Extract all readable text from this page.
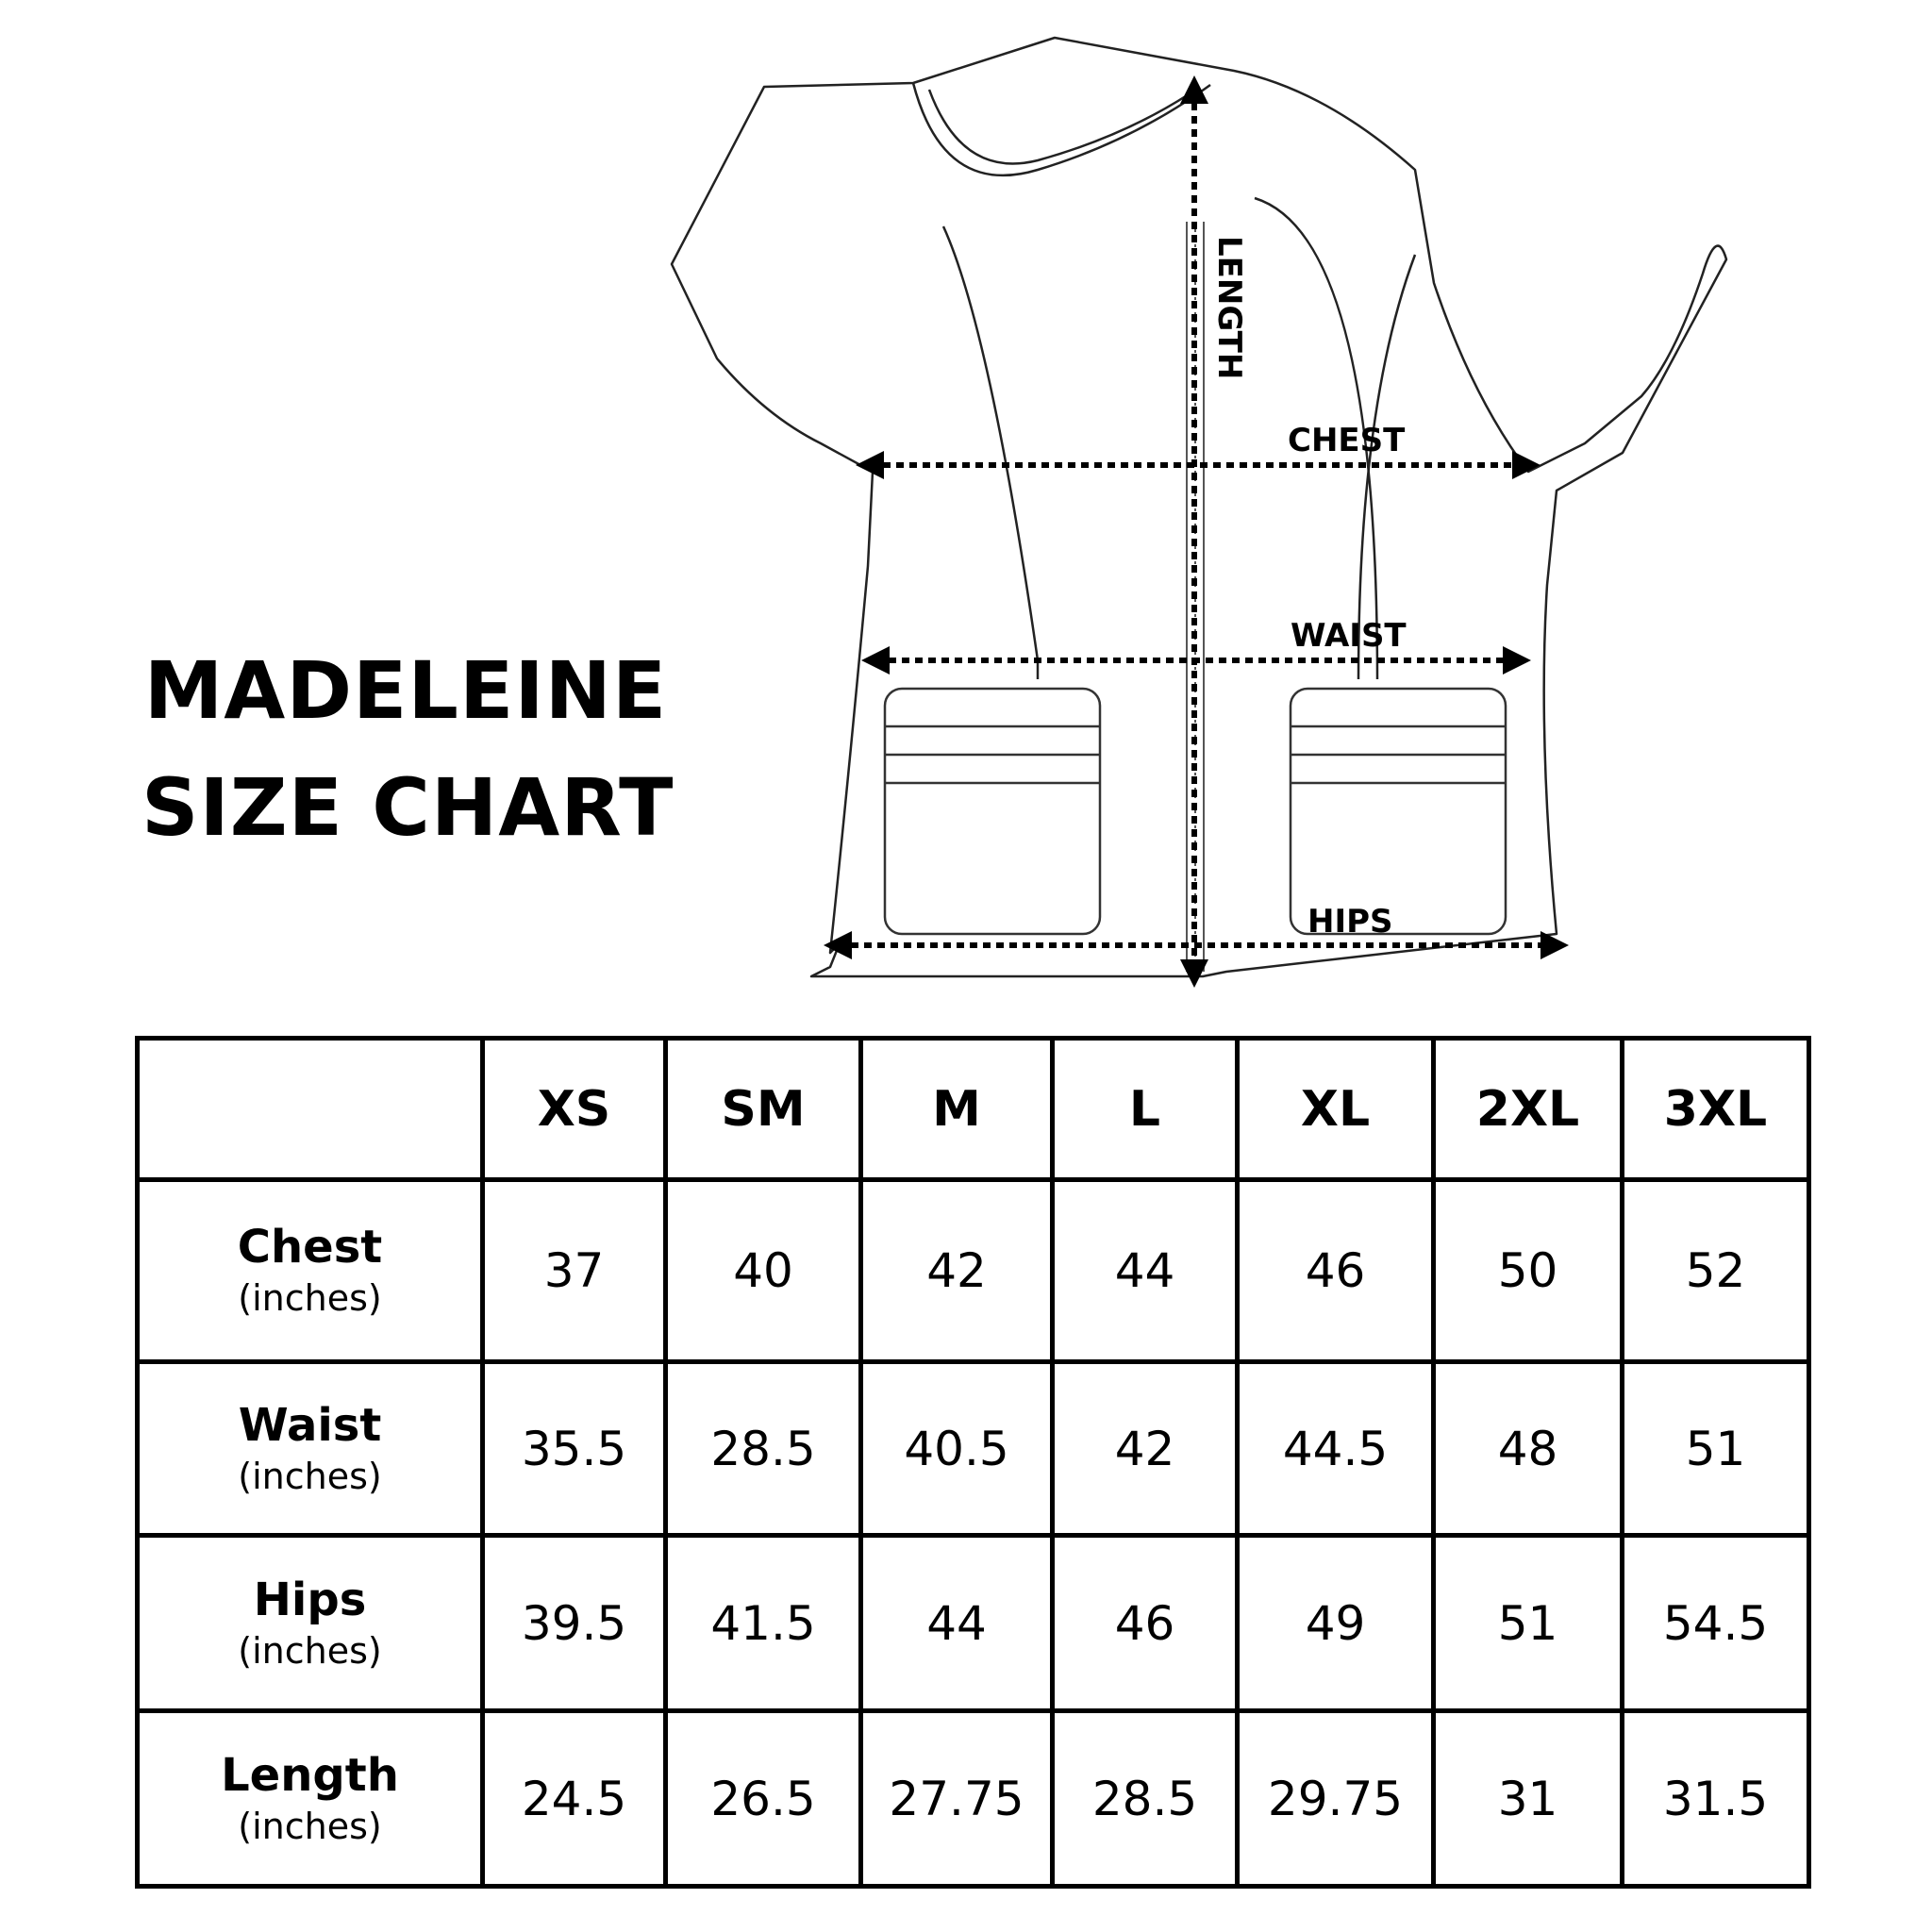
MADELEINE
SIZE CHART
LENGTH
CHEST
WAIST
HIPS
	XS	SM	M	L	XL	2XL	3XL

Chest
(inches)	37	40	42	44	46	50	52

Waist
(inches)	35.5	28.5	40.5	42	44.5	48	51

Hips
(inches)	39.5	41.5	44	46	49	51	54.5

Length
(inches)	24.5	26.5	27.75	28.5	29.75	31	31.5
